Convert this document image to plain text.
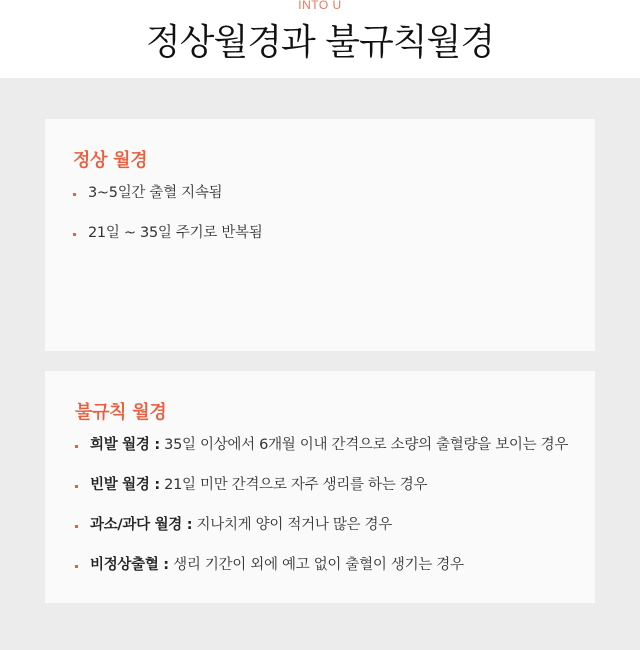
INTO U
정상월경과 불규칙월경
정상 월경
3~5일간 출혈 지속됨
21일 ~ 35일 주기로 반복됨
불규칙 월경
희발 월경 : 35일 이상에서 6개월 이내 간격으로 소량의 출혈량을 보이는 경우
빈발 월경 : 21일 미만 간격으로 자주 생리를 하는 경우
과소/과다 월경 : 지나치게 양이 적거나 많은 경우
비정상출혈 : 생리 기간이 외에 예고 없이 출혈이 생기는 경우
